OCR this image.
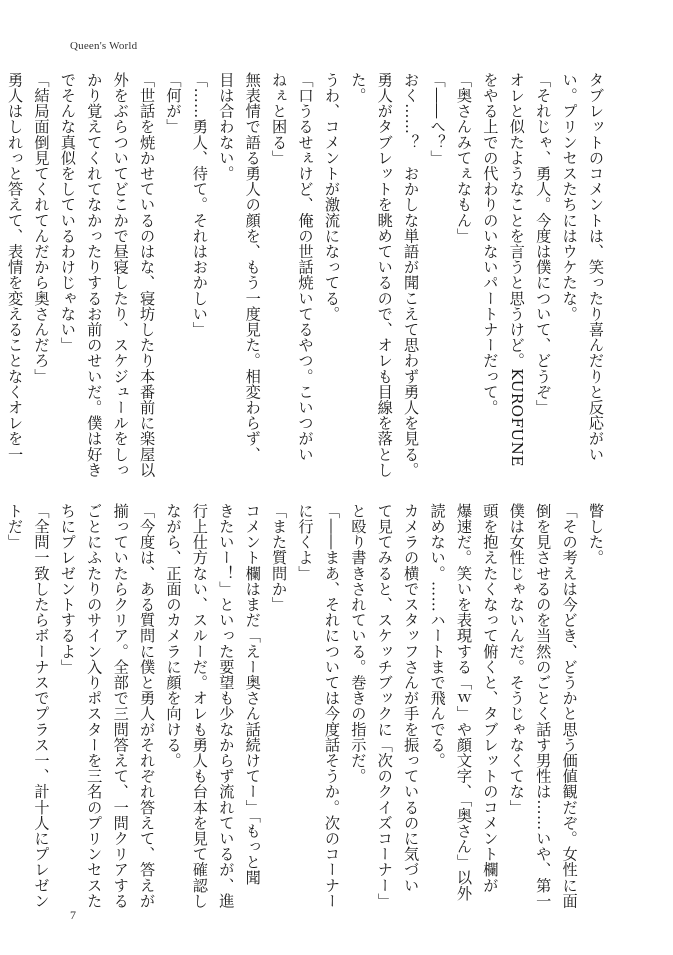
Queen's World
タブレットのコメントは、笑ったり喜んだりと反応がい
い。プリンセスたちにはウケたな。
「それじゃ、勇人。今度は僕について、どうぞ」
オレと似たようなことを言うと思うけど。KUROFUNE
をやる上での代わりのいないパートナーだって。
「奥さんみてぇなもん」
「――へ？」
おく……？　おかしな単語が聞こえて思わず勇人を見る。
勇人がタブレットを眺めているので、オレも目線を落とし
た。
うわ、コメントが激流になってる。
「口うるせぇけど、俺の世話焼いてるやつ。こいつがい
ねぇと困る」
無表情で語る勇人の顔を、もう一度見た。相変わらず、
目は合わない。
「……勇人、待て。それはおかしい」
「何が」
「世話を焼かせているのはな、寝坊したり本番前に楽屋以
外をぶらついてどこかで昼寝したり、スケジュールをしっ
かり覚えてくれてなかったりするお前のせいだ。僕は好き
でそんな真似をしているわけじゃない」
「結局面倒見てくれてんだから奥さんだろ」
勇人はしれっと答えて、表情を変えることなくオレを一
瞥した。
「その考えは今どき、どうかと思う価値観だぞ。女性に面
倒を見させるのを当然のごとく話す男性は……いや、第一
僕は女性じゃないんだ。そうじゃなくてな」
頭を抱えたくなって俯くと、タブレットのコメント欄が
爆速だ。笑いを表現する「ｗ」や顔文字、「奥さん」以外
読めない。……ハートまで飛んでる。
カメラの横でスタッフさんが手を振っているのに気づい
て見てみると、スケッチブックに「次のクイズコーナー」
と殴り書きされている。巻きの指示だ。
「――まあ、それについては今度話そうか。次のコーナー
に行くよ」
「また質問か」
コメント欄はまだ「えー奥さん話続けてー」「もっと聞
きたいー！」といった要望も少なからず流れているが、進
行上仕方ない、スルーだ。オレも勇人も台本を見て確認し
ながら、正面のカメラに顔を向ける。
「今度は、ある質問に僕と勇人がそれぞれ答えて、答えが
揃っていたらクリア。全部で三問答えて、一問クリアする
ごとにふたりのサイン入りポスターを三名のプリンセスた
ちにプレゼントするよ」
「全問一致したらボーナスでプラス一、計十人にプレゼン
トだ」
7
